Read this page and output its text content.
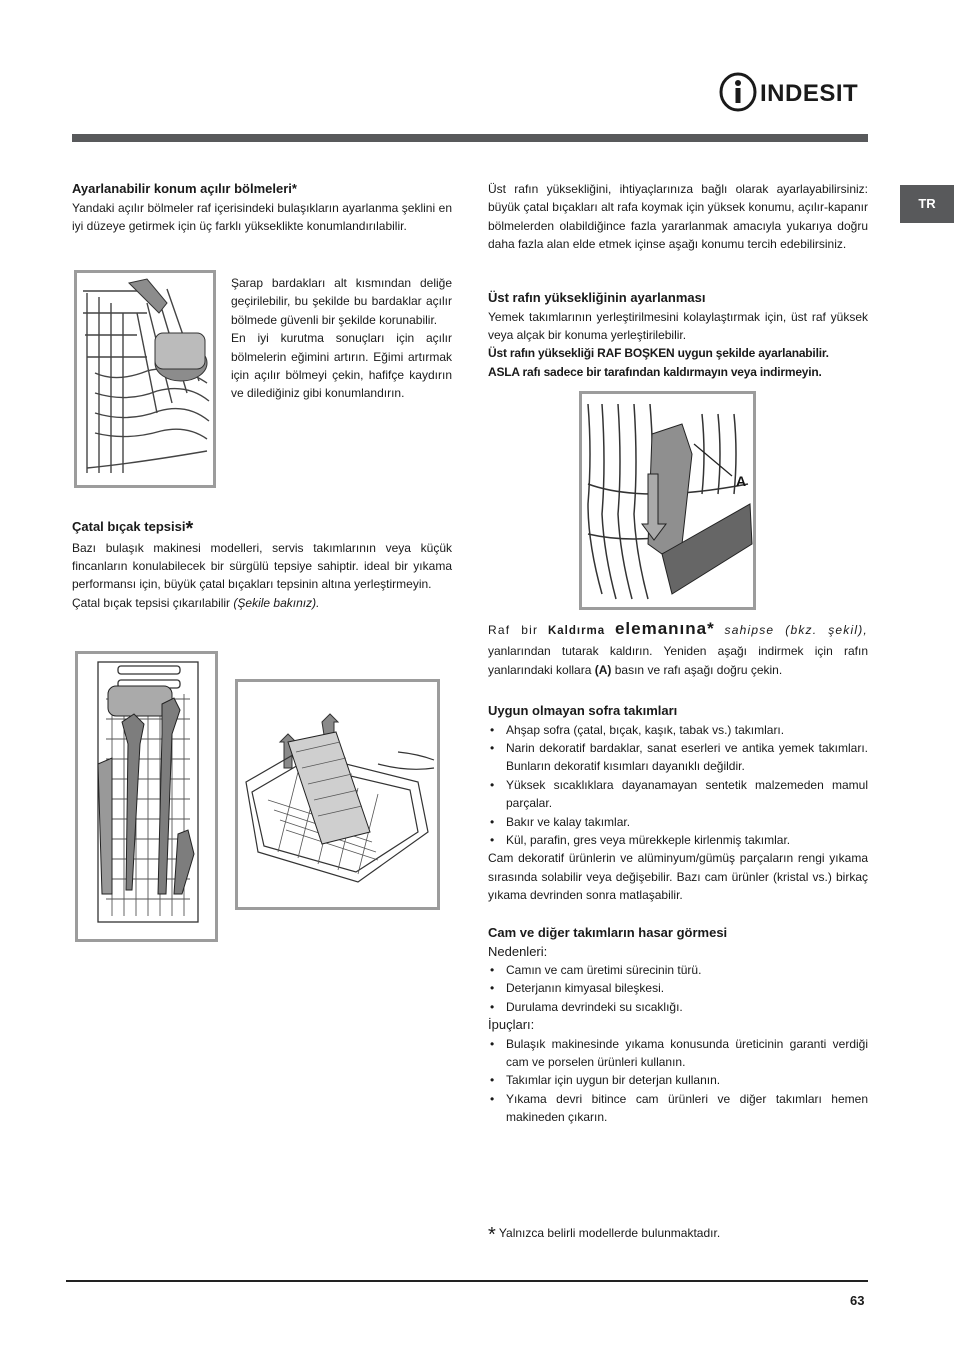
INDESIT
TR

Ayarlanabilir konum açılır bölmeleri*

Yandaki açılır bölmeler raf içerisindeki bulaşıkların ayarlanma şeklini en iyi düzeye getirmek için üç farklı yükseklikte konumlandırılabilir.

Şarap bardakları alt kısmından deliğe geçirilebilir, bu şekilde bu bardaklar açılır bölmede güvenli bir şekilde korunabilir.

En iyi kurutma sonuçları için açılır bölmelerin eğimini artırın. Eğimi artırmak için açılır bölmeyi çekin, hafifçe kaydırın ve dilediğiniz gibi konumlandırın.

Çatal bıçak tepsisi*

Bazı bulaşık makinesi modelleri, servis takımlarının veya küçük fincanların konulabilecek bir sürgülü tepsiye sahiptir. ideal bir yıkama performansı için, büyük çatal bıçakları tepsinin altına yerleştirmeyin.

Çatal bıçak tepsisi çıkarılabilir (Şekile bakınız).

Üst rafın yüksekliğini, ihtiyaçlarınıza bağlı olarak ayarlayabilirsiniz: büyük çatal bıçakları alt rafa koymak için yüksek konumu, açılır-kapanır bölmelerden olabildiğince fazla yararlanmak amacıyla yukarıya doğru daha fazla alan elde etmek içinse aşağı konumu tercih edebilirsiniz.

Üst rafın yüksekliğinin ayarlanması

Yemek takımlarının yerleştirilmesini kolaylaştırmak için, üst raf yüksek veya alçak bir konuma yerleştirilebilir.

Üst rafın yüksekliği RAF BOŞKEN uygun şekilde ayarlanabilir.

ASLA rafı sadece bir tarafından kaldırmayın veya indirmeyin.

A

Raf bir Kaldırma elemanına* sahipse (bkz. şekil), yanlarından tutarak kaldırın. Yeniden aşağı indirmek için rafın yanlarındaki kollara (A) basın ve rafı aşağı doğru çekin.

Uygun olmayan sofra takımları

• Ahşap sofra (çatal, bıçak, kaşık, tabak vs.) takımları.
• Narin dekoratif bardaklar, sanat eserleri ve antika yemek takımları. Bunların dekoratif kısımları dayanıklı değildir.
• Yüksek sıcaklıklara dayanamayan sentetik malzemeden mamul parçalar.
• Bakır ve kalay takımlar.
• Kül, parafin, gres veya mürekkeple kirlenmiş takımlar.

Cam dekoratif ürünlerin ve alüminyum/gümüş parçaların rengi yıkama sırasında solabilir veya değişebilir. Bazı cam ürünler (kristal vs.) birkaç yıkama devrinden sonra matlaşabilir.

Cam ve diğer takımların hasar görmesi

Nedenleri:

• Camın ve cam üretimi sürecinin türü.
• Deterjanın kimyasal bileşkesi.
• Durulama devrindeki su sıcaklığı.

İpuçları:

• Bulaşık makinesinde yıkama konusunda üreticinin garanti verdiği cam ve porselen ürünleri kullanın.
• Takımlar için uygun bir deterjan kullanın.
• Yıkama devri bitince cam ürünleri ve diğer takımları hemen makineden çıkarın.

* Yalnızca belirli modellerde bulunmaktadır.

63
